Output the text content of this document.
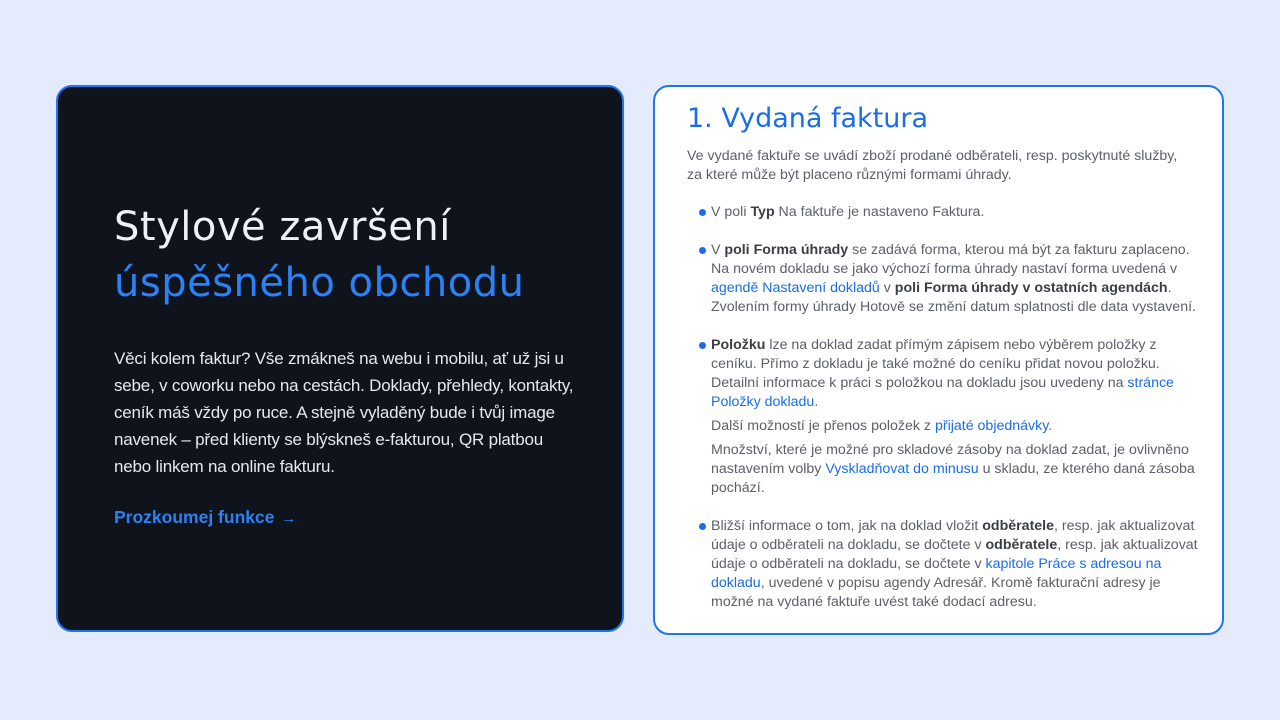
Stylové završení
úspěšného obchodu

Věci kolem faktur? Vše zmákneš na webu i mobilu, ať už jsi u sebe, v coworku nebo na cestách. Doklady, přehledy, kontakty, ceník máš vždy po ruce. A stejně vyladěný bude i tvůj image navenek – před klienty se blýskneš e-fakturou, QR platbou nebo linkem na online fakturu.

Prozkoumej funkce →
1. Vydaná faktura

Ve vydané faktuře se uvádí zboží prodané odběrateli, resp. poskytnuté služby, za které může být placeno různými formami úhrady.

V poli Typ Na faktuře je nastaveno Faktura.

V poli Forma úhrady se zadává forma, kterou má být za fakturu zaplaceno. Na novém dokladu se jako výchozí forma úhrady nastaví forma uvedená v agendě Nastavení dokladů v poli Forma úhrady v ostatních agendách. Zvolením formy úhrady Hotově se změní datum splatnosti dle data vystavení.

Položku lze na doklad zadat přímým zápisem nebo výběrem položky z ceníku. Přímo z dokladu je také možné do ceníku přidat novou položku. Detailní informace k práci s položkou na dokladu jsou uvedeny na stránce Položky dokladu.

Další možností je přenos položek z přijaté objednávky.

Množství, které je možné pro skladové zásoby na doklad zadat, je ovlivněno nastavením volby Vyskladňovat do minusu u skladu, ze kterého daná zásoba pochází.

Bližší informace o tom, jak na doklad vložit odběratele, resp. jak aktualizovat údaje o odběrateli na dokladu, se dočtete v odběratele, resp. jak aktualizovat údaje o odběrateli na dokladu, se dočtete v kapitole Práce s adresou na dokladu, uvedené v popisu agendy Adresář. Kromě fakturační adresy je možné na vydané faktuře uvést také dodací adresu.
